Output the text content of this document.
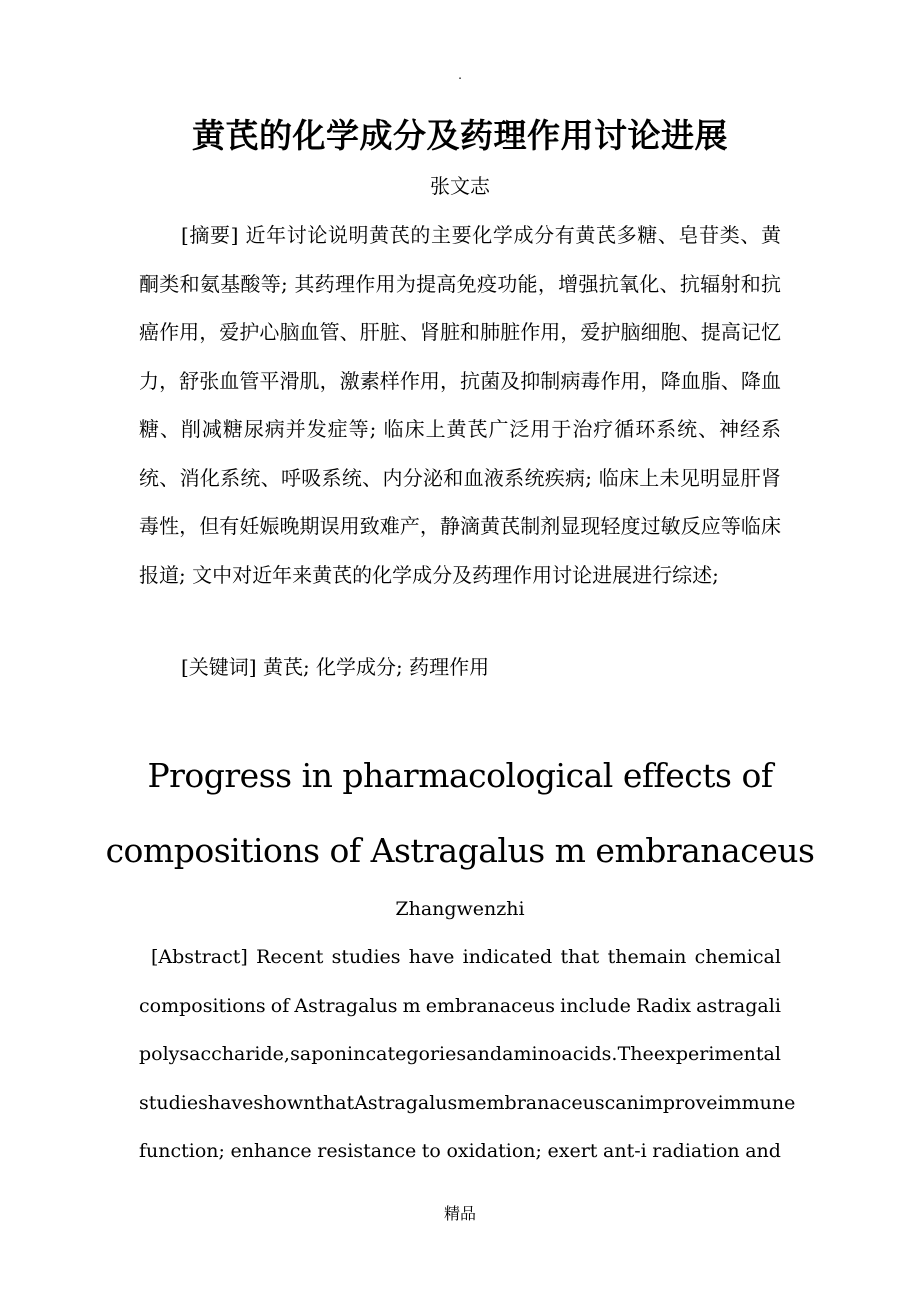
.
黄芪的化学成分及药理作用讨论进展
张文志

[摘要] 近年讨论说明黄芪的主要化学成分有黄芪多糖、皂苷类、黄酮类和氨基酸等; 其药理作用为提高免疫功能，增强抗氧化、抗辐射和抗癌作用，爱护心脑血管、肝脏、肾脏和肺脏作用，爱护脑细胞、提高记忆力，舒张血管平滑肌，激素样作用，抗菌及抑制病毒作用，降血脂、降血糖、削减糖尿病并发症等; 临床上黄芪广泛用于治疗循环系统、神经系统、消化系统、呼吸系统、内分泌和血液系统疾病; 临床上未见明显肝肾毒性，但有妊娠晚期误用致难产，静滴黄芪制剂显现轻度过敏反应等临床报道; 文中对近年来黄芪的化学成分及药理作用讨论进展进行综述;

[关键词] 黄芪; 化学成分; 药理作用

Progress in pharmacological effects of
compositions of Astragalus m embranaceus
Zhangwenzhi
[Abstract] Recent studies have indicated that themain chemical
compositions of Astragalus m embranaceus include Radix astragali
polysaccharide, saponin categories and amino acids. The experimental
studies have shown that Astragalus m embranaceus can improve immune
function; enhance resistance to oxidation; exert ant-i radiation and
精品
